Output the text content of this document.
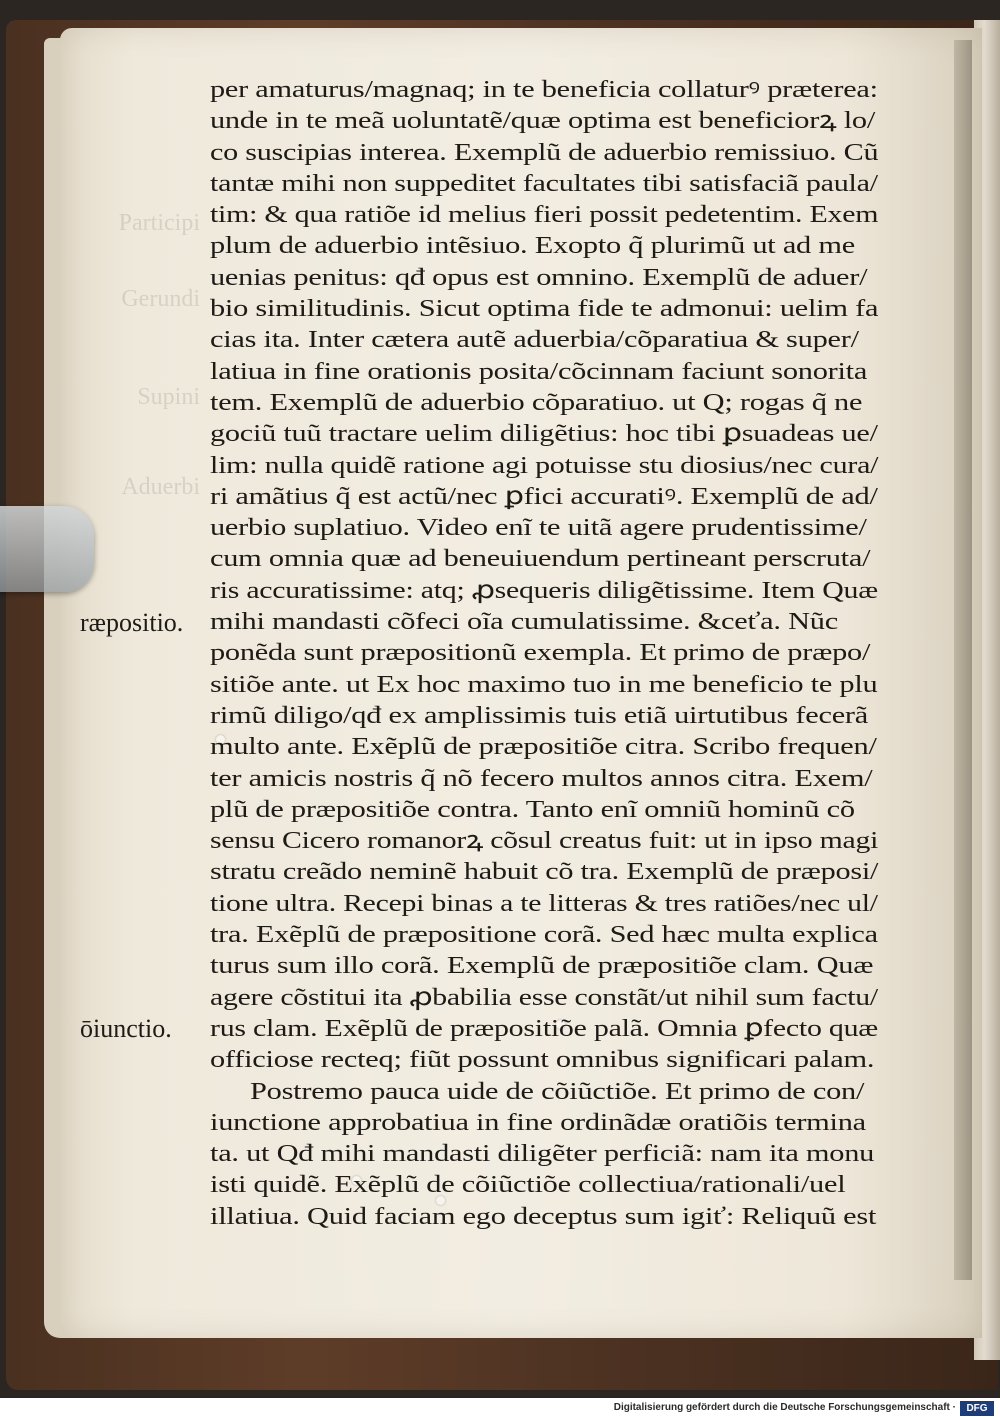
Participi
Gerundi
Supini
Aduerbi
ræpositio.
ōiunctio.
per amaturus/magnaq; in te beneficia collaturꝰ præterea:
unde in te meã uoluntatẽ/quæ optima est beneficiorꝝ lo/
co suscipias interea. Exemplũ de aduerbio remissiuo. Cũ
tantæ mihi non suppeditet facultates tibi satisfaciã paula/
tim: & qua ratiõe id melius fieri possit pedetentim. Exem
plum de aduerbio intẽsiuo. Exopto q̃ plurimũ ut ad me
uenias penitus: qđ opus est omnino. Exemplũ de aduer/
bio similitudinis. Sicut optima fide te admonui: uelim fa
cias ita. Inter cætera autẽ aduerbia/cõparatiua & super/
latiua in fine orationis posita/cõcinnam faciunt sonorita
tem. Exemplũ de aduerbio cõparatiuo. ut Q; rogas q̃ ne
gociũ tuũ tractare uelim diligẽtius: hoc tibi ꝑsuadeas ue/
lim: nulla quidẽ ratione agi potuisse stu diosius/nec cura/
ri amãtius q̃ est actũ/nec ꝑfici accuratiꝰ. Exemplũ de ad/
uerbio suplatiuo. Video enĩ te uitã agere prudentissime/
cum omnia quæ ad beneuiuendum pertineant perscruta/
ris accuratissime: atq; ꝓsequeris diligẽtissime. Item Quæ
mihi mandasti cõfeci oĩa cumulatissime. &ceťa. Nũc
ponẽda sunt præpositionũ exempla. Et primo de præpo/
sitiõe ante. ut Ex hoc maximo tuo in me beneficio te plu
rimũ diligo/qđ ex amplissimis tuis etiã uirtutibus fecerã
multo ante. Exẽplũ de præpositiõe citra. Scribo frequen/
ter amicis nostris q̃ nõ fecero multos annos citra. Exem/
plũ de præpositiõe contra. Tanto enĩ omniũ hominũ cõ
sensu Cicero romanorꝝ cõsul creatus fuit: ut in ipso magi
stratu creãdo neminẽ habuit cõ tra. Exemplũ de præposi/
tione ultra. Recepi binas a te litteras & tres ratiões/nec ul/
tra. Exẽplũ de præpositione corã. Sed hæc multa explica
turus sum illo corã. Exemplũ de præpositiõe clam. Quæ
agere cõstitui ita ꝓbabilia esse constãt/ut nihil sum factu/
rus clam. Exẽplũ de præpositiõe palã. Omnia ꝑfecto quæ
officiose recteq; fiũt possunt omnibus significari palam.
Postremo pauca uide de cõiũctiõe. Et primo de con/
iunctione approbatiua in fine ordinãdæ oratiõis termina
ta. ut Qđ mihi mandasti diligẽter perficiã: nam ita monu
isti quidẽ. Exẽplũ de cõiũctiõe collectiua/rationali/uel
illatiua. Quid faciam ego deceptus sum igiť: Reliquũ est
Digitalisierung gefördert durch die Deutsche Forschungsgemeinschaft ·	DFG
